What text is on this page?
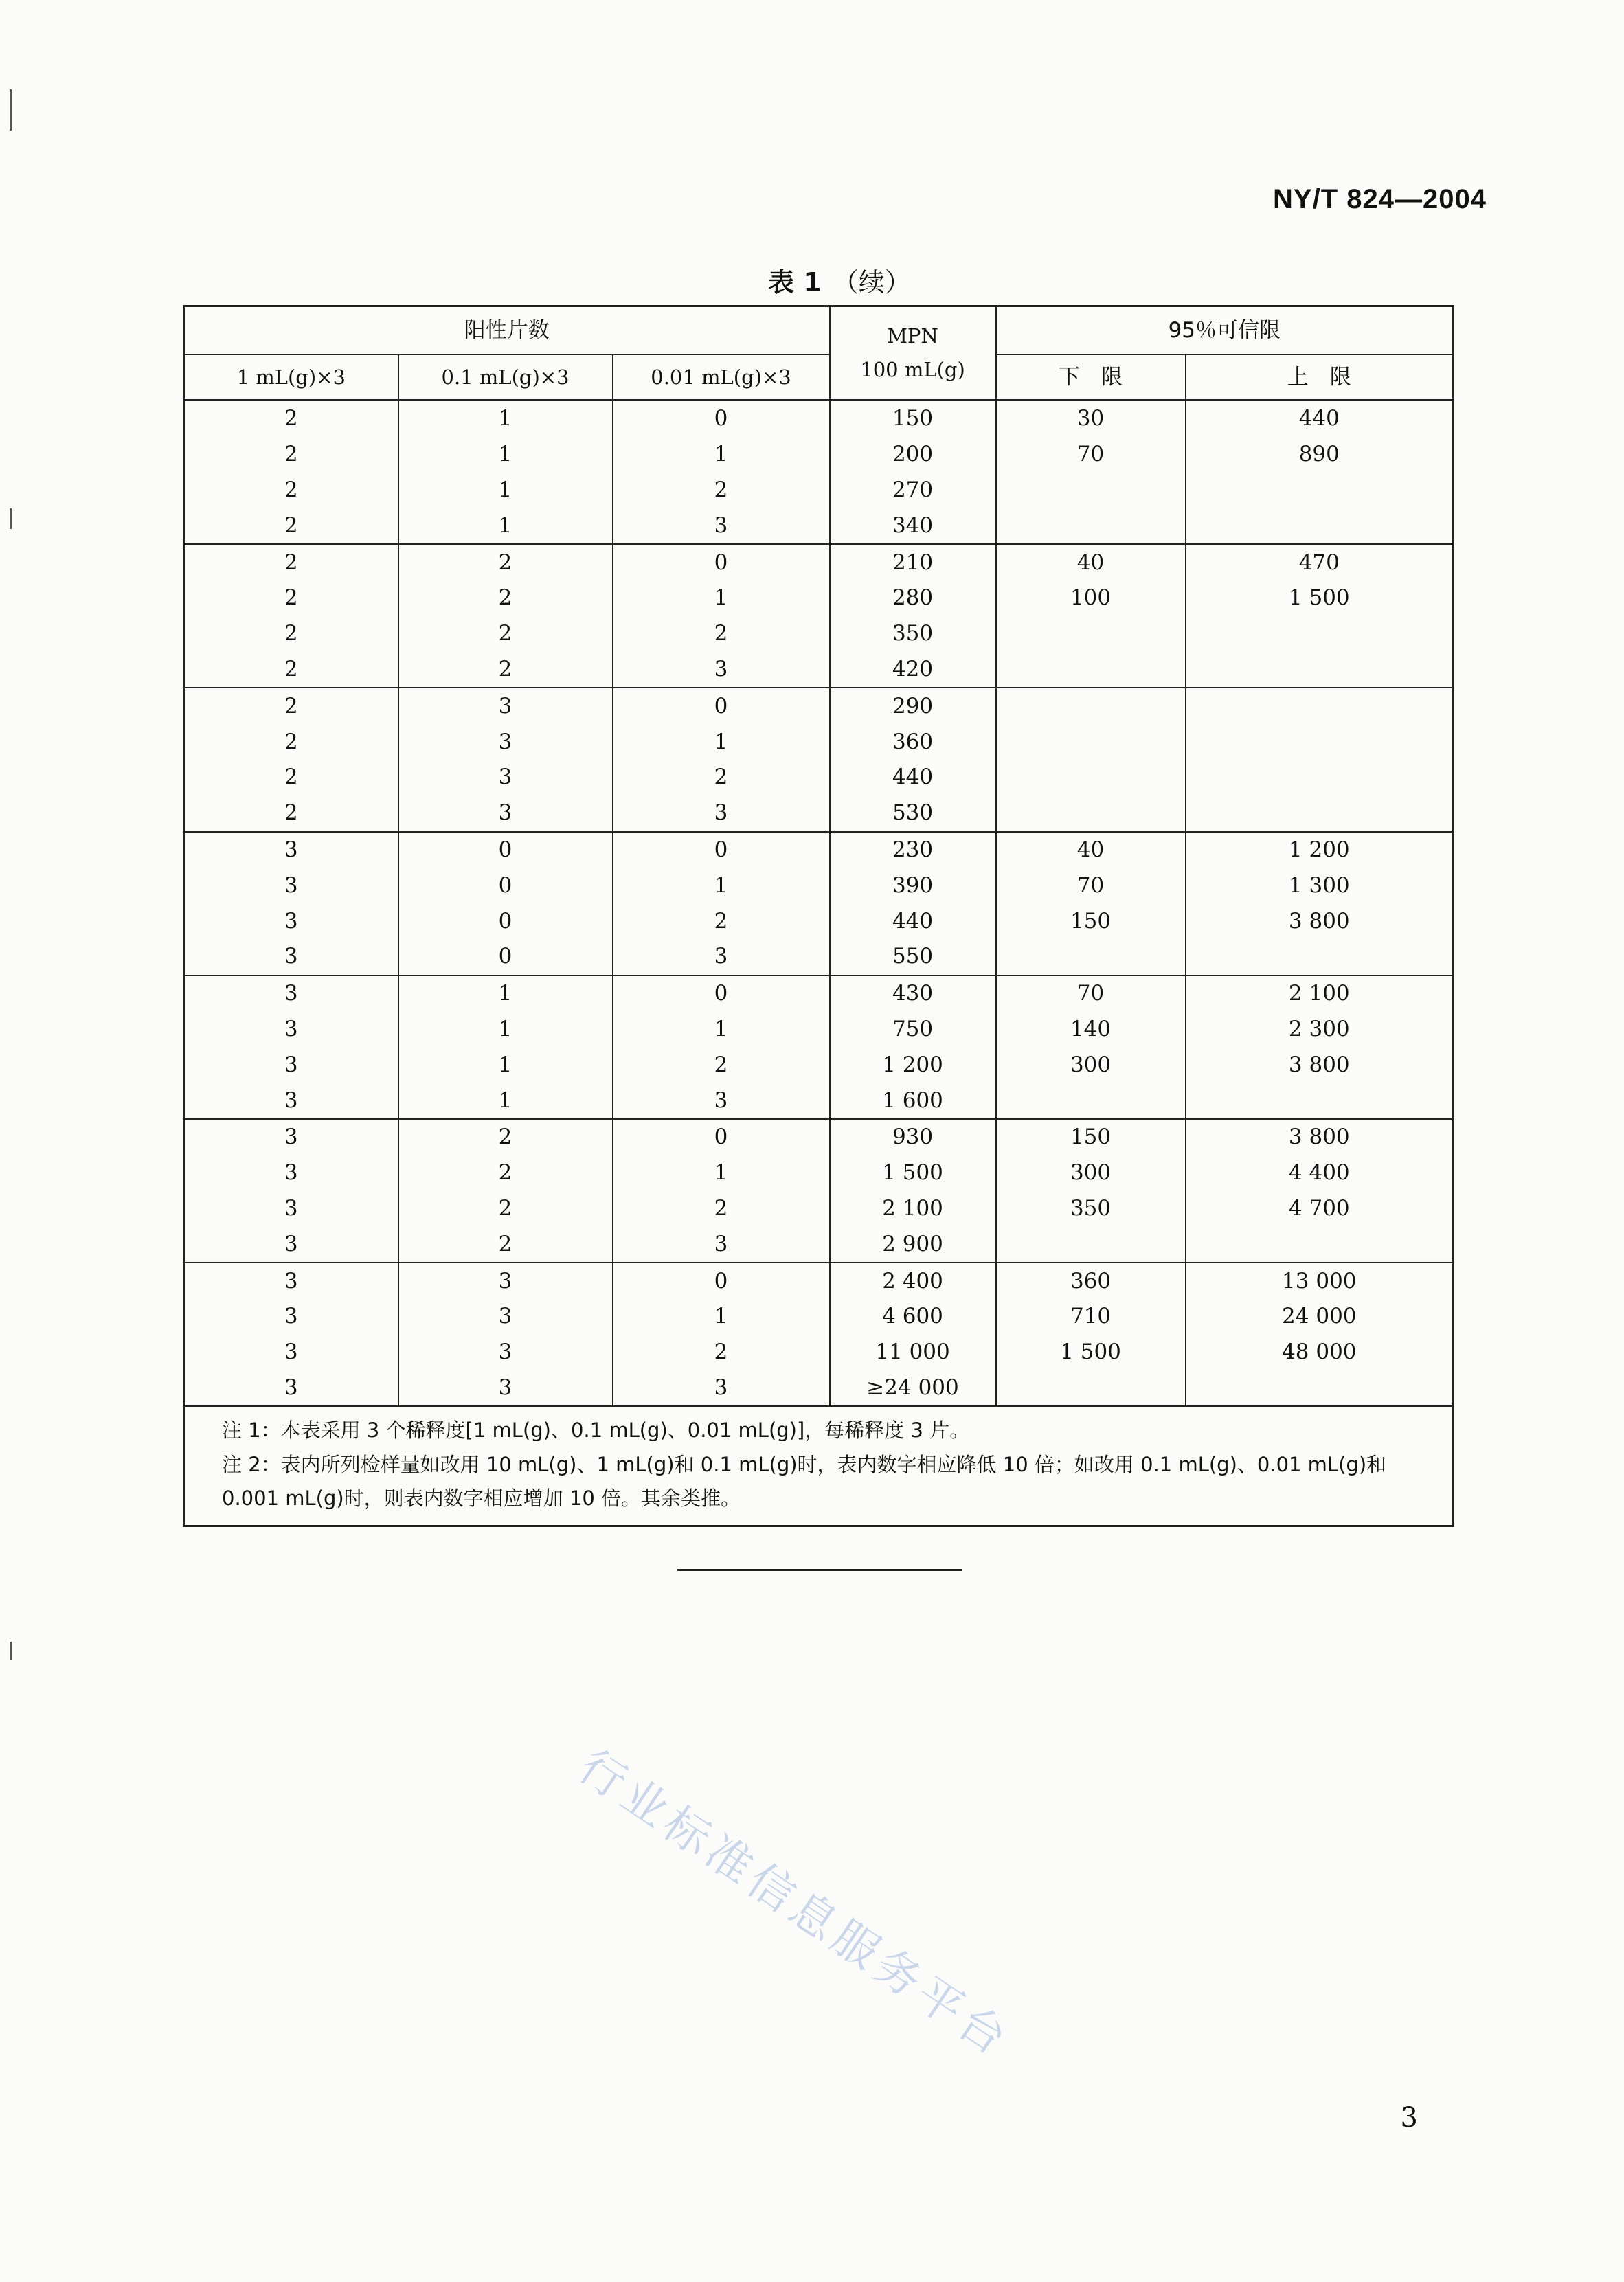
NY/T 824—2004
表 1 （续）
阳性片数			MPN
100 mL(g)	95％可信限	
1 mL(g)×3	0.1 mL(g)×3	0.01 mL(g)×3		下　限	上　限
2	1	0	150	30	440
2	1	1	200	70	890
2	1	2	270		
2	1	3	340		
2	2	0	210	40	470
2	2	1	280	100	1 500
2	2	2	350		
2	2	3	420		
2	3	0	290		
2	3	1	360		
2	3	2	440		
2	3	3	530		
3	0	0	230	40	1 200
3	0	1	390	70	1 300
3	0	2	440	150	3 800
3	0	3	550		
3	1	0	430	70	2 100
3	1	1	750	140	2 300
3	1	2	1 200	300	3 800
3	1	3	1 600		
3	2	0	930	150	3 800
3	2	1	1 500	300	4 400
3	2	2	2 100	350	4 700
3	2	3	2 900		
3	3	0	2 400	360	13 000
3	3	1	4 600	710	24 000
3	3	2	11 000	1 500	48 000
3	3	3	≥24 000		

注 1：本表采用 3 个稀释度[1 mL(g)、0.1 mL(g)、0.01 mL(g)]，每稀释度 3 片。
注 2：表内所列检样量如改用 10 mL(g)、1 mL(g)和 0.1 mL(g)时，表内数字相应降低 10 倍；如改用 0.1 mL(g)、0.01 mL(g)和 0.001 mL(g)时，则表内数字相应增加 10 倍。其余类推。					
行业标准信息服务平台
3
